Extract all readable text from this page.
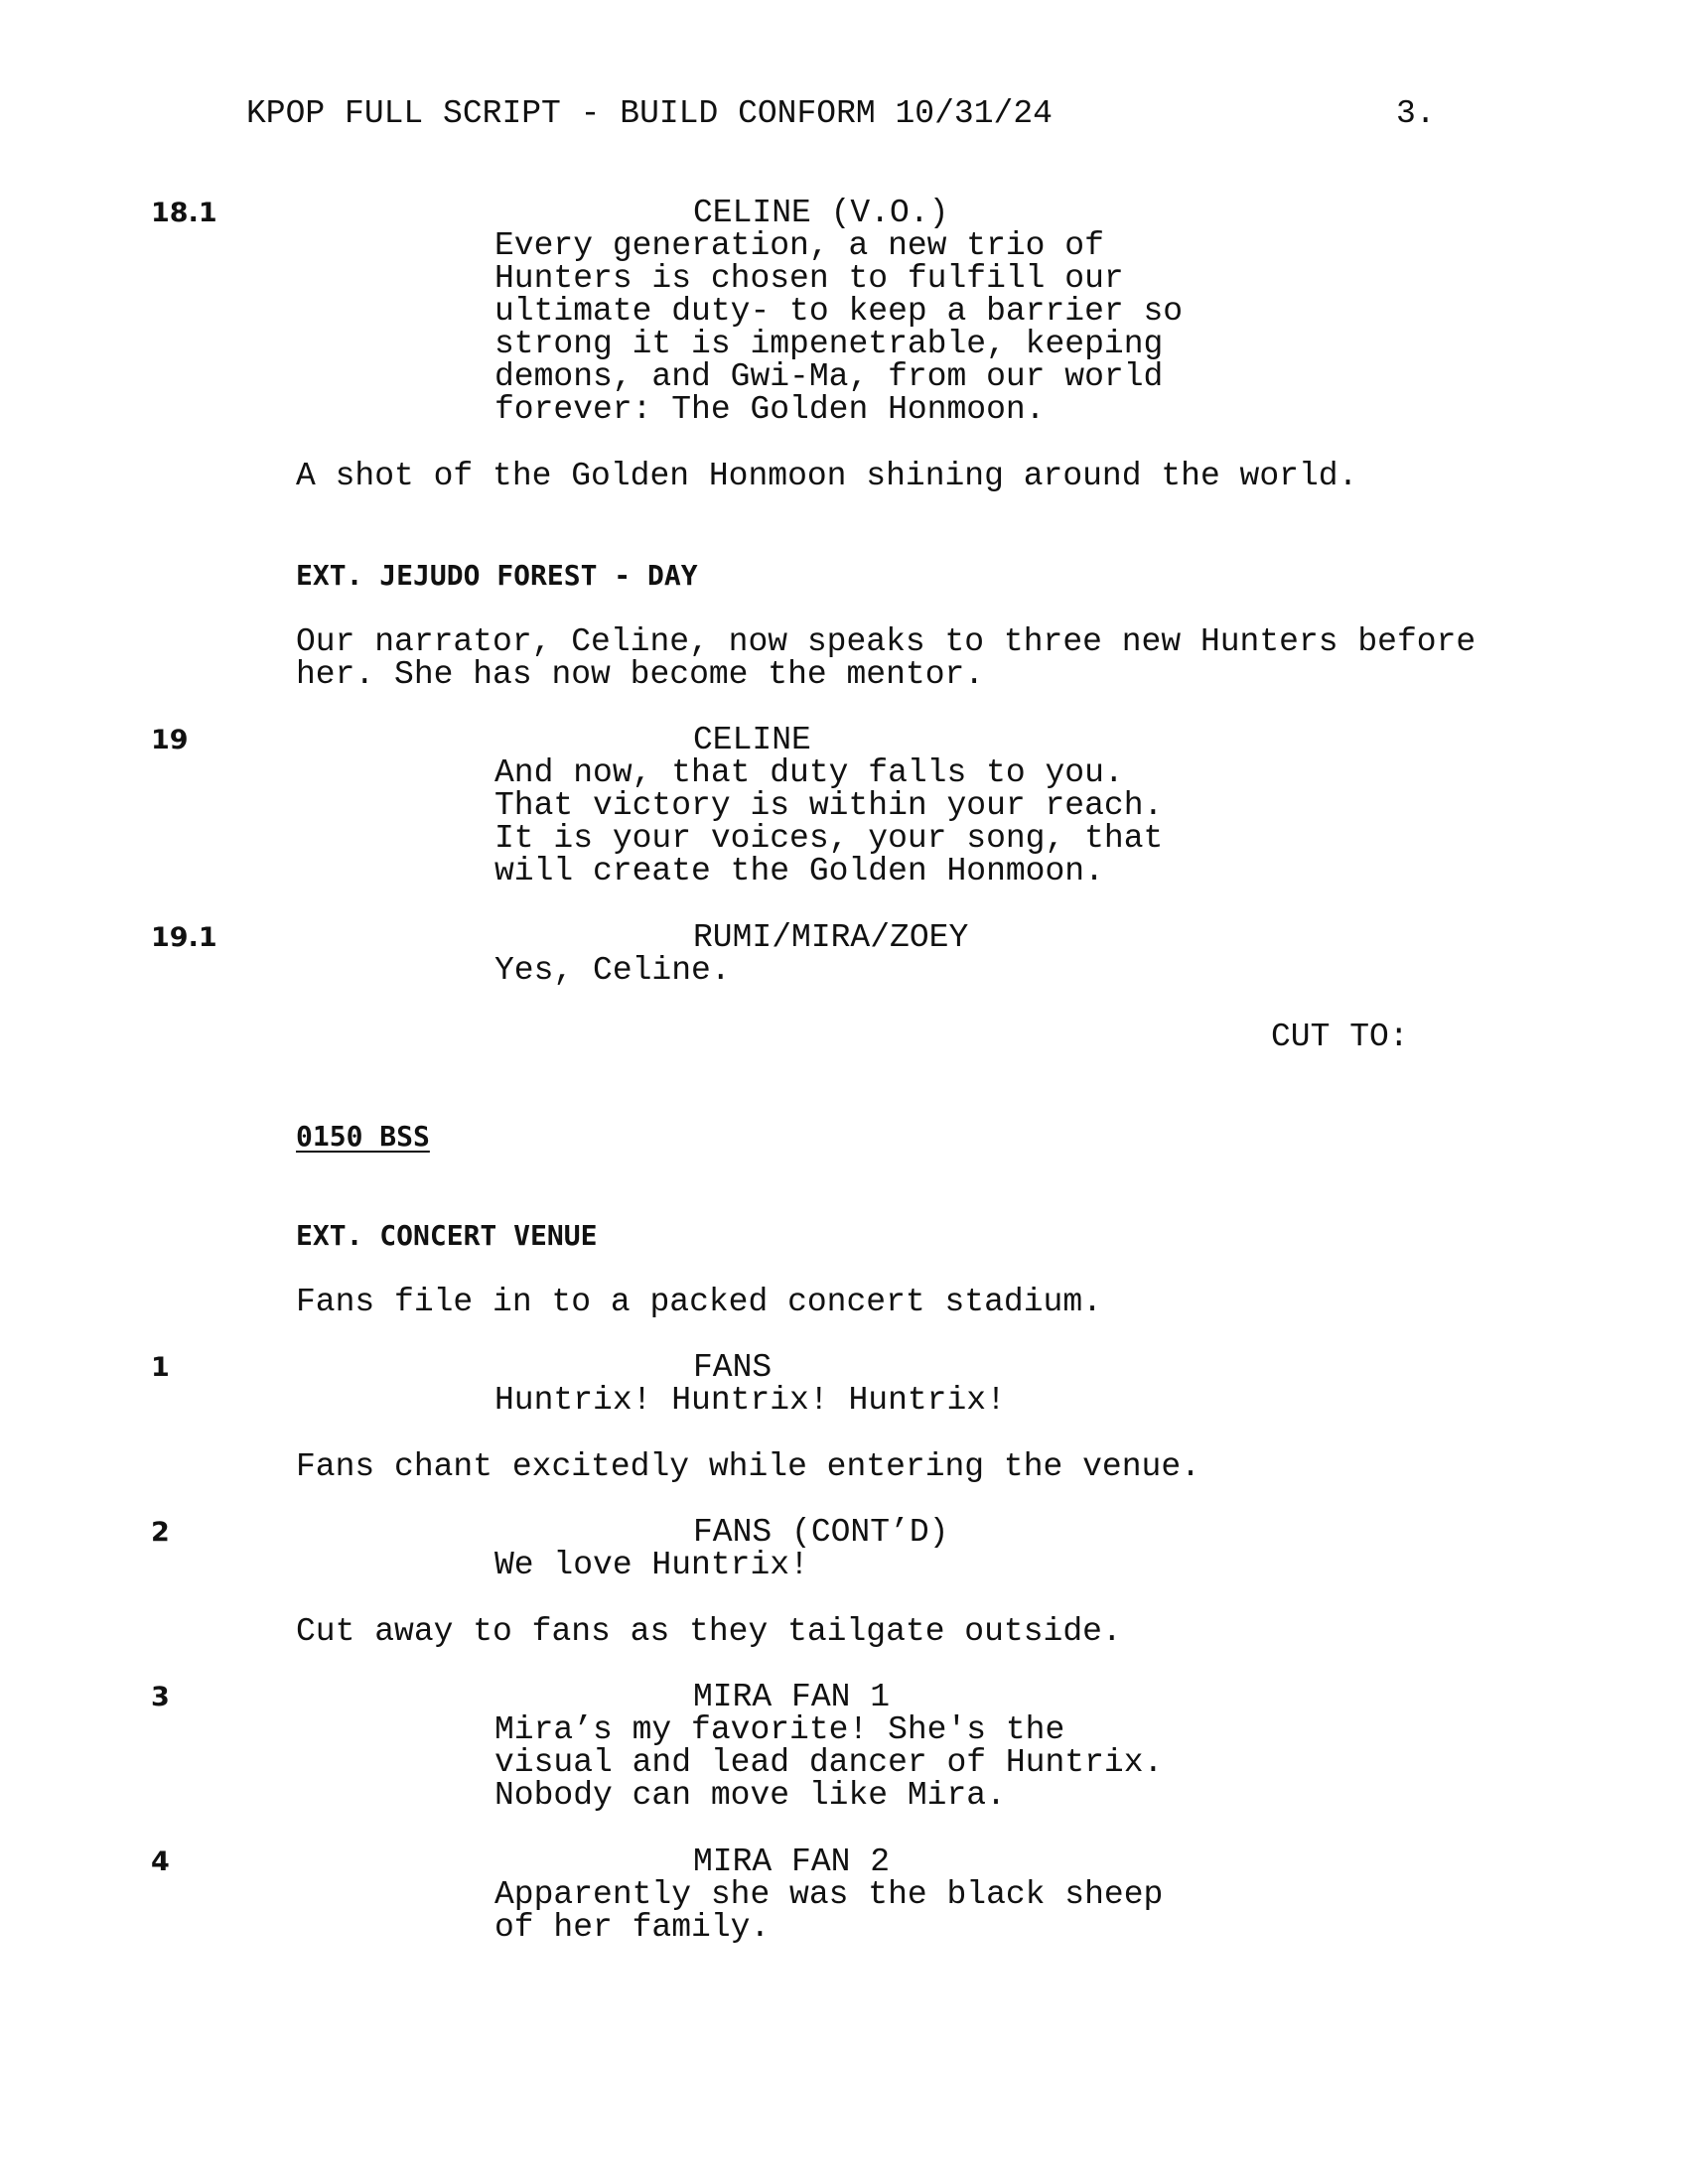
KPOP FULL SCRIPT - BUILD CONFORM 10/31/24	3.
18.1	CELINE (V.O.)
Every generation, a new trio of
Hunters is chosen to fulfill our
ultimate duty- to keep a barrier so
strong it is impenetrable, keeping
demons, and Gwi-Ma, from our world
forever: The Golden Honmoon.
A shot of the Golden Honmoon shining around the world.
EXT. JEJUDO FOREST - DAY
Our narrator, Celine, now speaks to three new Hunters before
her. She has now become the mentor.
19	CELINE
And now, that duty falls to you.
That victory is within your reach.
It is your voices, your song, that
will create the Golden Honmoon.
19.1	RUMI/MIRA/ZOEY
Yes, Celine.
CUT TO:
0150 BSS
EXT. CONCERT VENUE
Fans file in to a packed concert stadium.
1	FANS
Huntrix! Huntrix! Huntrix!
Fans chant excitedly while entering the venue.
2	FANS (CONT’D)
We love Huntrix!
Cut away to fans as they tailgate outside.
3	MIRA FAN 1
Mira’s my favorite! She's the
visual and lead dancer of Huntrix.
Nobody can move like Mira.
4	MIRA FAN 2
Apparently she was the black sheep
of her family.
